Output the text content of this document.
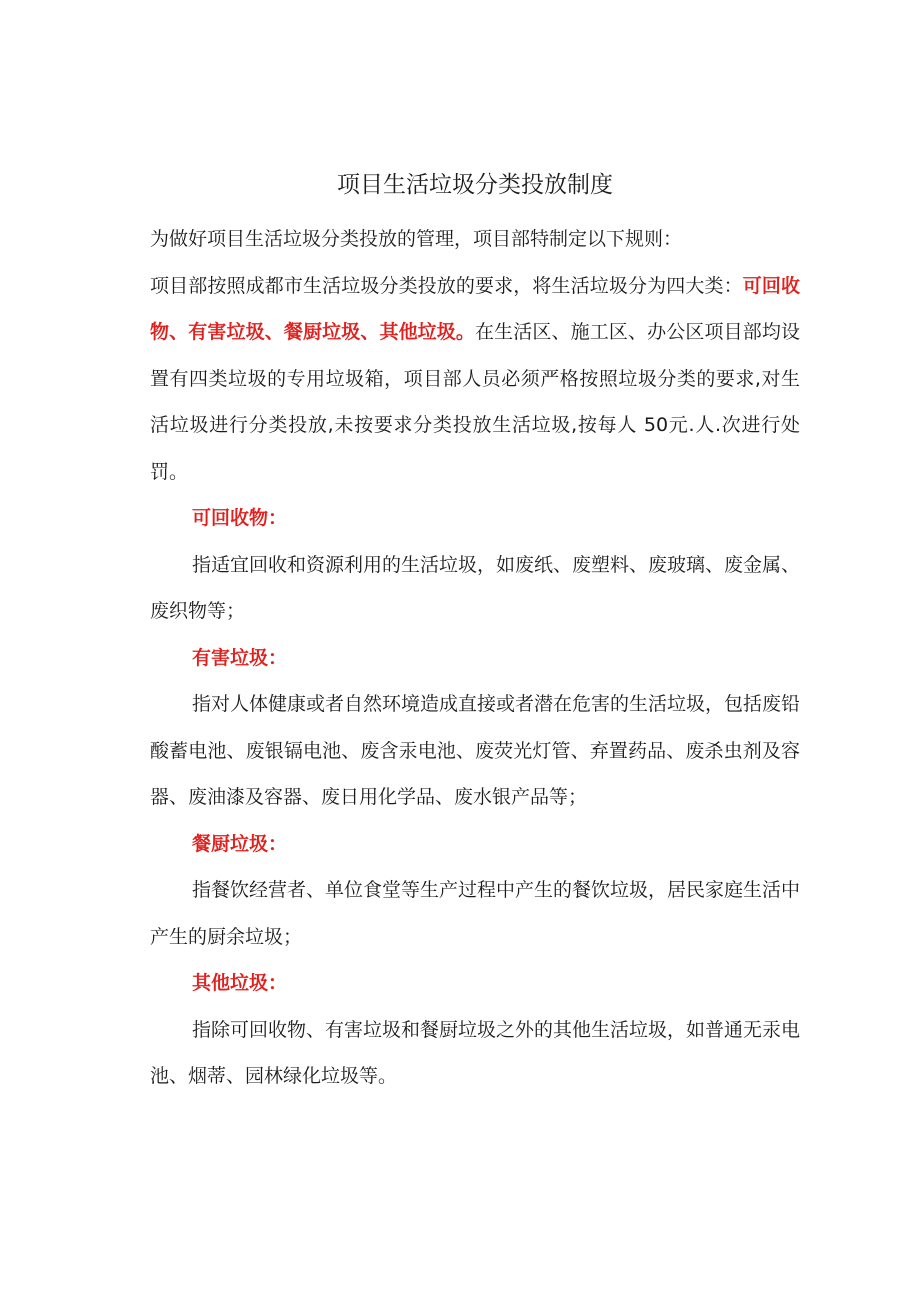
项目生活垃圾分类投放制度

为做好项目生活垃圾分类投放的管理，项目部特制定以下规则：

项目部按照成都市生活垃圾分类投放的要求，将生活垃圾分为四大类：可回收物、有害垃圾、餐厨垃圾、其他垃圾。在生活区、施工区、办公区项目部均设置有四类垃圾的专用垃圾箱，项目部人员必须严格按照垃圾分类的要求,对生活垃圾进行分类投放,未按要求分类投放生活垃圾,按每人 50元.人.次进行处罚。

可回收物：

指适宜回收和资源利用的生活垃圾，如废纸、废塑料、废玻璃、废金属、废织物等；

有害垃圾：

指对人体健康或者自然环境造成直接或者潜在危害的生活垃圾，包括废铅酸蓄电池、废银镉电池、废含汞电池、废荧光灯管、弃置药品、废杀虫剂及容器、废油漆及容器、废日用化学品、废水银产品等；

餐厨垃圾：

指餐饮经营者、单位食堂等生产过程中产生的餐饮垃圾，居民家庭生活中产生的厨余垃圾；

其他垃圾：

指除可回收物、有害垃圾和餐厨垃圾之外的其他生活垃圾，如普通无汞电池、烟蒂、园林绿化垃圾等。
